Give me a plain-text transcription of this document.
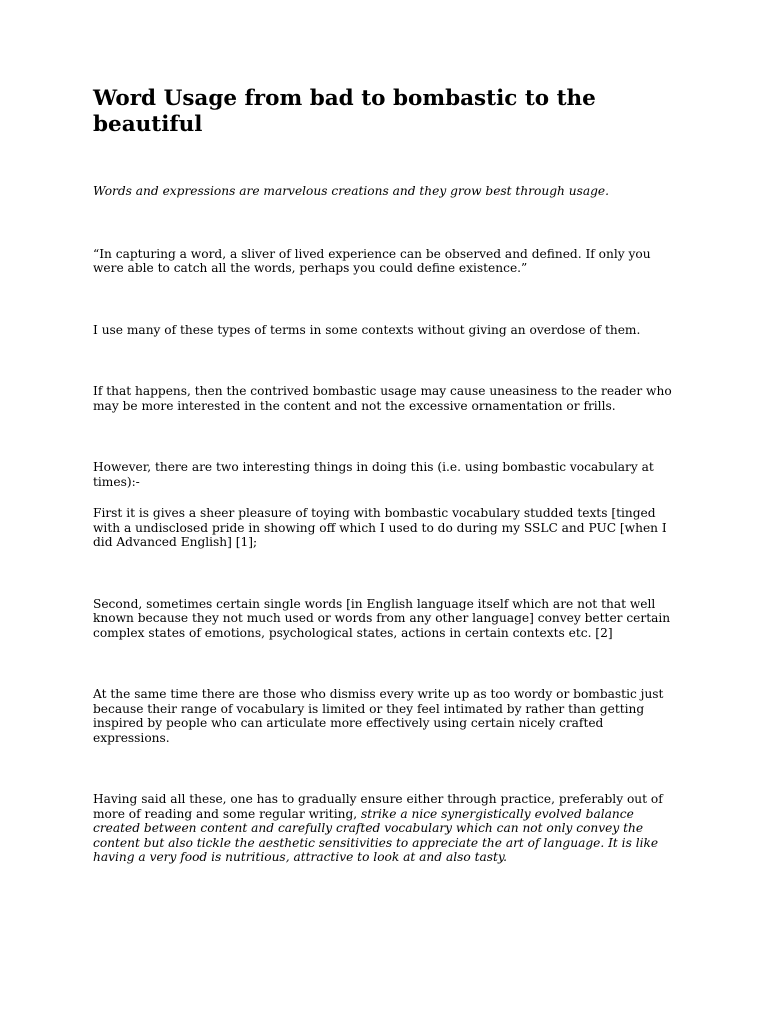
Word Usage from bad to bombastic to the beautiful

Words and expressions are marvelous creations and they grow best through usage.

“In capturing a word, a sliver of lived experience can be observed and defined. If only you were able to catch all the words, perhaps you could define existence.”

I use many of these types of terms in some contexts without giving an overdose of them.

If that happens, then the contrived bombastic usage may cause uneasiness to the reader who may be more interested in the content and not the excessive ornamentation or frills.

However, there are two interesting things in doing this (i.e. using bombastic vocabulary at times):-

First it is gives a sheer pleasure of toying with bombastic vocabulary studded texts [tinged with a undisclosed pride in showing off which I used to do during my SSLC and PUC [when I did Advanced English] [1];

Second, sometimes certain single words [in English language itself which are not that well known because they not much used or words from any other language] convey better certain complex states of emotions, psychological states, actions in certain contexts etc. [2]

At the same time there are those who dismiss every write up as too wordy or bombastic just because their range of vocabulary is limited or they feel intimated by rather than getting inspired by people who can articulate more effectively using certain nicely crafted expressions.

Having said all these, one has to gradually ensure either through practice, preferably out of more of reading and some regular writing, strike a nice synergistically evolved balance created between content and carefully crafted vocabulary which can not only convey the content but also tickle the aesthetic sensitivities to appreciate the art of language. It is like having a very food is nutritious, attractive to look at and also tasty.
